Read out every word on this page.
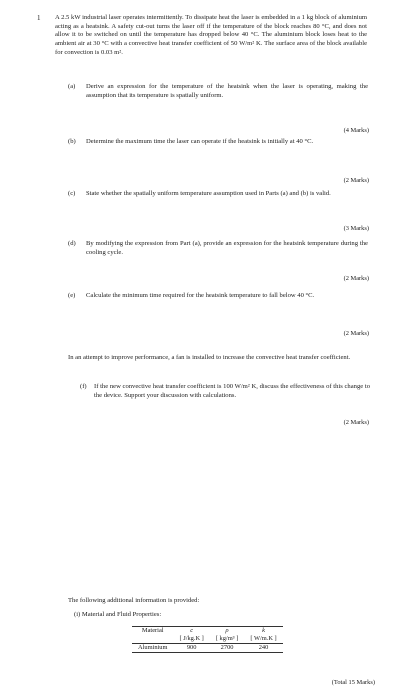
1 A 2.5 kW industrial laser operates intermittently. To dissipate heat the laser is embedded in a 1 kg block of aluminium acting as a heatsink. A safety cut-out turns the laser off if the temperature of the block reaches 80 °C, and does not allow it to be switched on until the temperature has dropped below 40 °C. The aluminium block loses heat to the ambient air at 30 °C with a convective heat transfer coefficient of 50 W/m² K. The surface area of the block available for convection is 0.03 m².
(a) Derive an expression for the temperature of the heatsink when the laser is operating, making the assumption that its temperature is spatially uniform.
(4 Marks)
(b) Determine the maximum time the laser can operate if the heatsink is initially at 40 °C.
(2 Marks)
(c) State whether the spatially uniform temperature assumption used in Parts (a) and (b) is valid.
(3 Marks)
(d) By modifying the expression from Part (a), provide an expression for the heatsink temperature during the cooling cycle.
(2 Marks)
(e) Calculate the minimum time required for the heatsink temperature to fall below 40 °C.
(2 Marks)
In an attempt to improve performance, a fan is installed to increase the convective heat transfer coefficient.
(f) If the new convective heat transfer coefficient is 100 W/m² K, discuss the effectiveness of this change to the device. Support your discussion with calculations.
(2 Marks)
The following additional information is provided:
(i) Material and Fluid Properties:
Material	c	ρ	k
	[ J/kg.K ]	[ kg/m³ ]	[ W/m.K ]
Aluminium	900	2700	240
(Total 15 Marks)
